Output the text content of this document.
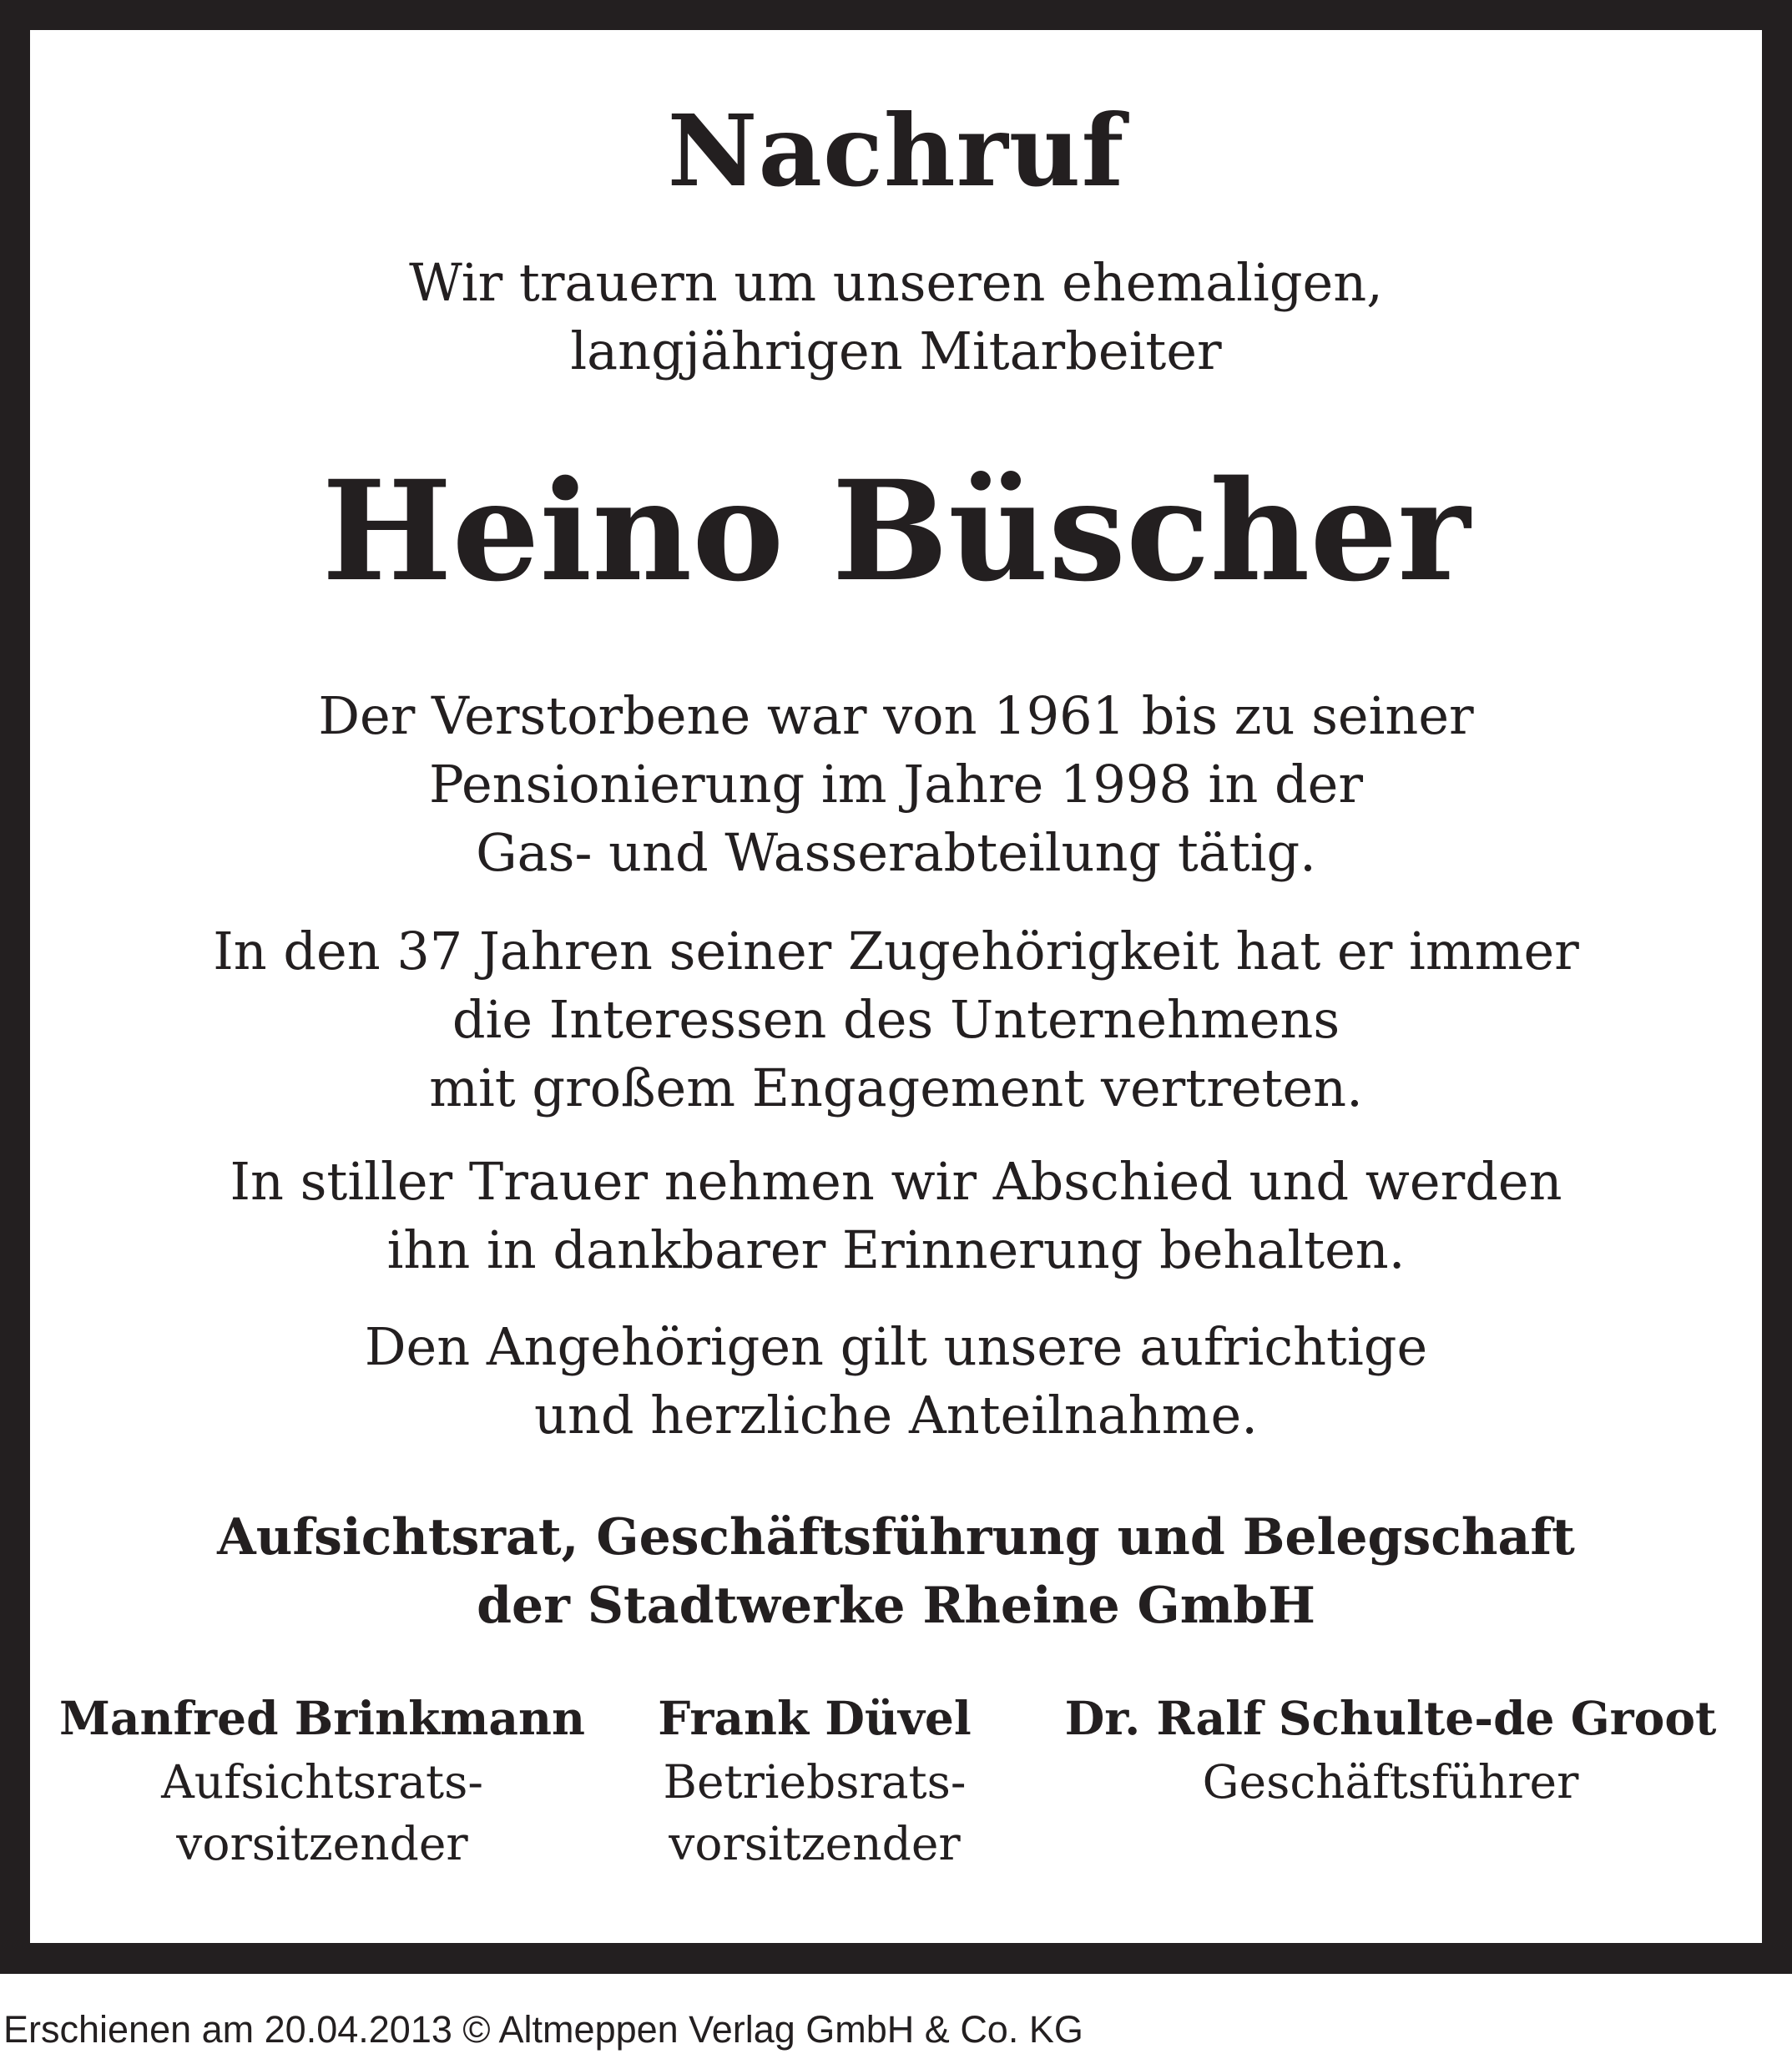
Nachruf
Wir trauern um unseren ehemaligen,
langjährigen Mitarbeiter
Heino Büscher
Der Verstorbene war von 1961 bis zu seiner
Pensionierung im Jahre 1998 in der
Gas- und Wasserabteilung tätig.
In den 37 Jahren seiner Zugehörigkeit hat er immer
die Interessen des Unternehmens
mit großem Engagement vertreten.
In stiller Trauer nehmen wir Abschied und werden
ihn in dankbarer Erinnerung behalten.
Den Angehörigen gilt unsere aufrichtige
und herzliche Anteilnahme.
Aufsichtsrat, Geschäftsführung und Belegschaft
der Stadtwerke Rheine GmbH
Manfred Brinkmann
Aufsichtsrats-
vorsitzender
Frank Düvel
Betriebsrats-
vorsitzender
Dr. Ralf Schulte-de Groot
Geschäftsführer
Erschienen am 20.04.2013 © Altmeppen Verlag GmbH & Co. KG
